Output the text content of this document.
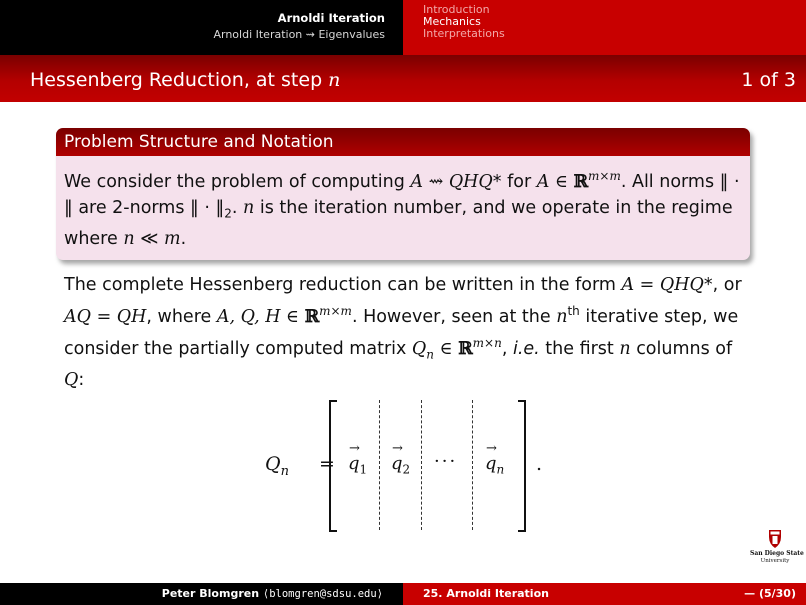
Arnoldi Iteration
Arnoldi Iteration ⇝ Eigenvalues
Introduction
Mechanics
Interpretations
Hessenberg Reduction, at step n	1 of 3
Problem Structure and Notation
We consider the problem of computing A ⇝ QHQ* for A ∈ ℝ$^{m\times m}$. All norms ‖ · ‖ are 2-norms ‖ · $‖_2$. n is the iteration number, and we operate in the regime where n ≪ m.
The complete Hessenberg reduction can be written in the form A = QHQ*, or AQ = QH, where A, Q, H ∈ ℝ$^{m\times m}$. However, seen at the $n^{th}$ iterative step, we consider the partially computed matrix $Q_n$ ∈ ℝ$^{m\times n}$, i.e. the first n columns of Q:
$Q_n$ =
→
$q_1$
→
$q_2$ ···
→
$q_n$ .
San Diego State
University
Peter Blomgren ⟨blomgren@sdsu.edu⟩	25. Arnoldi Iteration	— (5/30)
